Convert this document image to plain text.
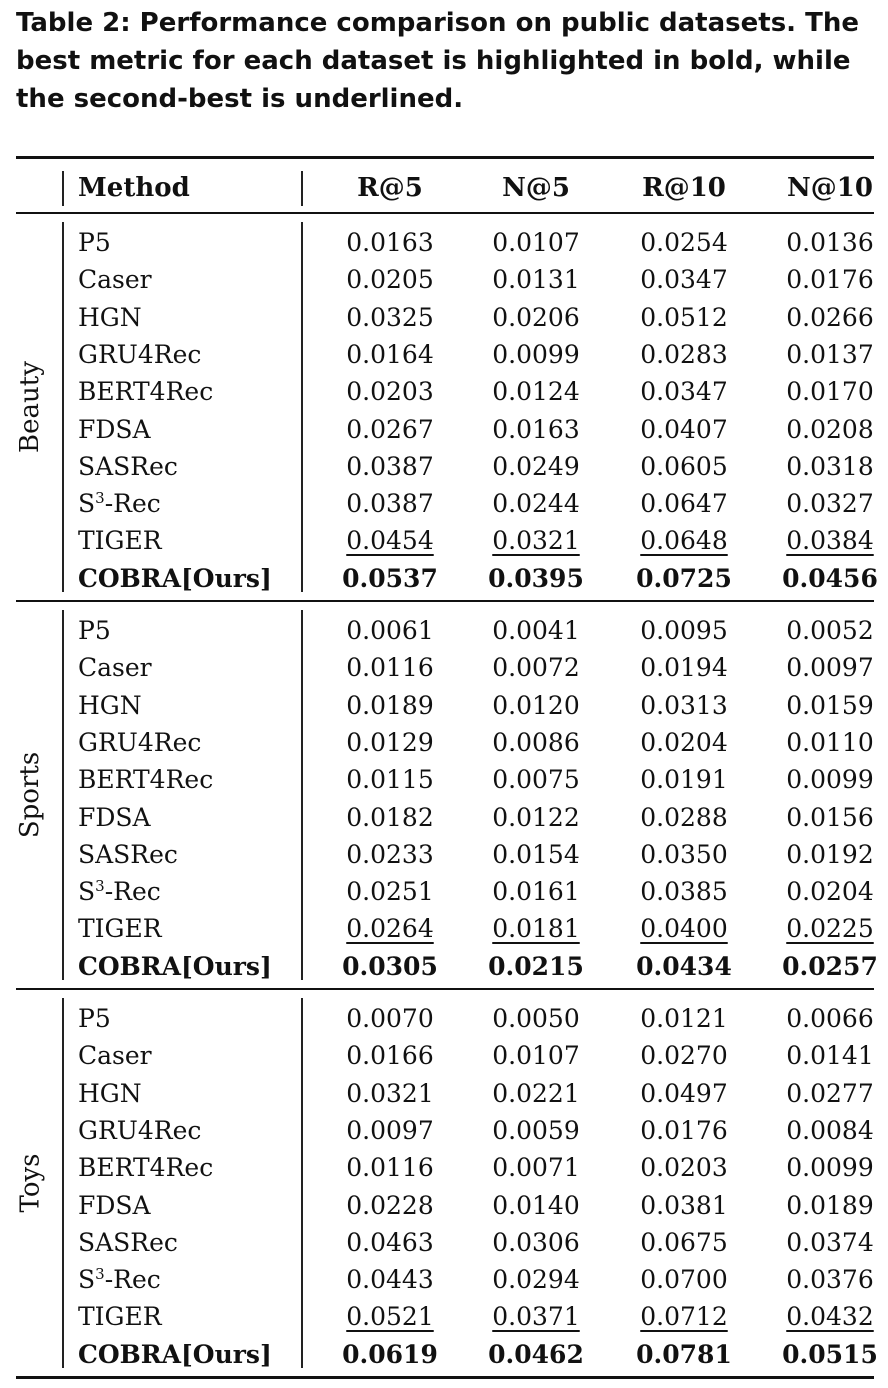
Table 2: Performance comparison on public datasets. The best metric for each dataset is highlighted in bold, while the second-best is underlined.
Method	R@5	N@5	R@10	N@10
Beauty
P5	0.0163	0.0107	0.0254	0.0136
Caser	0.0205	0.0131	0.0347	0.0176
HGN	0.0325	0.0206	0.0512	0.0266
GRU4Rec	0.0164	0.0099	0.0283	0.0137
BERT4Rec	0.0203	0.0124	0.0347	0.0170
FDSA	0.0267	0.0163	0.0407	0.0208
SASRec	0.0387	0.0249	0.0605	0.0318
$S^3$-Rec	0.0387	0.0244	0.0647	0.0327
TIGER	0.0454	0.0321	0.0648	0.0384
COBRA[Ours]	0.0537	0.0395	0.0725	0.0456
Sports
P5	0.0061	0.0041	0.0095	0.0052
Caser	0.0116	0.0072	0.0194	0.0097
HGN	0.0189	0.0120	0.0313	0.0159
GRU4Rec	0.0129	0.0086	0.0204	0.0110
BERT4Rec	0.0115	0.0075	0.0191	0.0099
FDSA	0.0182	0.0122	0.0288	0.0156
SASRec	0.0233	0.0154	0.0350	0.0192
$S^3$-Rec	0.0251	0.0161	0.0385	0.0204
TIGER	0.0264	0.0181	0.0400	0.0225
COBRA[Ours]	0.0305	0.0215	0.0434	0.0257
Toys
P5	0.0070	0.0050	0.0121	0.0066
Caser	0.0166	0.0107	0.0270	0.0141
HGN	0.0321	0.0221	0.0497	0.0277
GRU4Rec	0.0097	0.0059	0.0176	0.0084
BERT4Rec	0.0116	0.0071	0.0203	0.0099
FDSA	0.0228	0.0140	0.0381	0.0189
SASRec	0.0463	0.0306	0.0675	0.0374
$S^3$-Rec	0.0443	0.0294	0.0700	0.0376
TIGER	0.0521	0.0371	0.0712	0.0432
COBRA[Ours]	0.0619	0.0462	0.0781	0.0515
